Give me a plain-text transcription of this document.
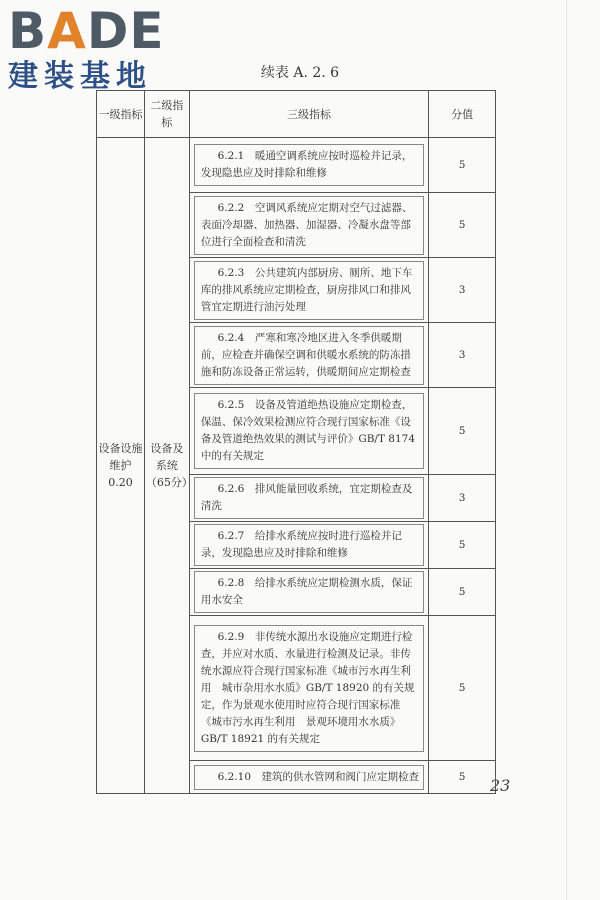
BADE
建装基地	续表 A. 2. 6
一级指标	二级指标	三级指标	分值
设备设施维护 0.20	设备及系统（65分）	6.2.1　暖通空调系统应按时巡检并记录，发现隐患应及时排除和维修	5

		6.2.2　空调风系统应定期对空气过滤器、表面冷却器、加热器、加湿器、冷凝水盘等部位进行全面检查和清洗	5

		6.2.3　公共建筑内部厨房、厕所、地下车库的排风系统应定期检查，厨房排风口和排风管宜定期进行油污处理	3

		6.2.4　严寒和寒冷地区进入冬季供暖期前，应检查并确保空调和供暖水系统的防冻措施和防冻设备正常运转，供暖期间应定期检查	3

		6.2.5　设备及管道绝热设施应定期检查，保温、保冷效果检测应符合现行国家标准《设备及管道绝热效果的测试与评价》GB/T 8174 中的有关规定	5

		6.2.6　排风能量回收系统，宜定期检查及清洗	3

		6.2.7　给排水系统应按时进行巡检并记录，发现隐患应及时排除和维修	5

		6.2.8　给排水系统应定期检测水质，保证用水安全	5

		6.2.9　非传统水源出水设施应定期进行检查，并应对水质、水量进行检测及记录。非传统水源应符合现行国家标准《城市污水再生利用　城市杂用水水质》GB/T 18920 的有关规定，作为景观水使用时应符合现行国家标准《城市污水再生利用　景观环境用水水质》GB/T 18921 的有关规定	5

		6.2.10　建筑的供水管网和阀门应定期检查	5 23
